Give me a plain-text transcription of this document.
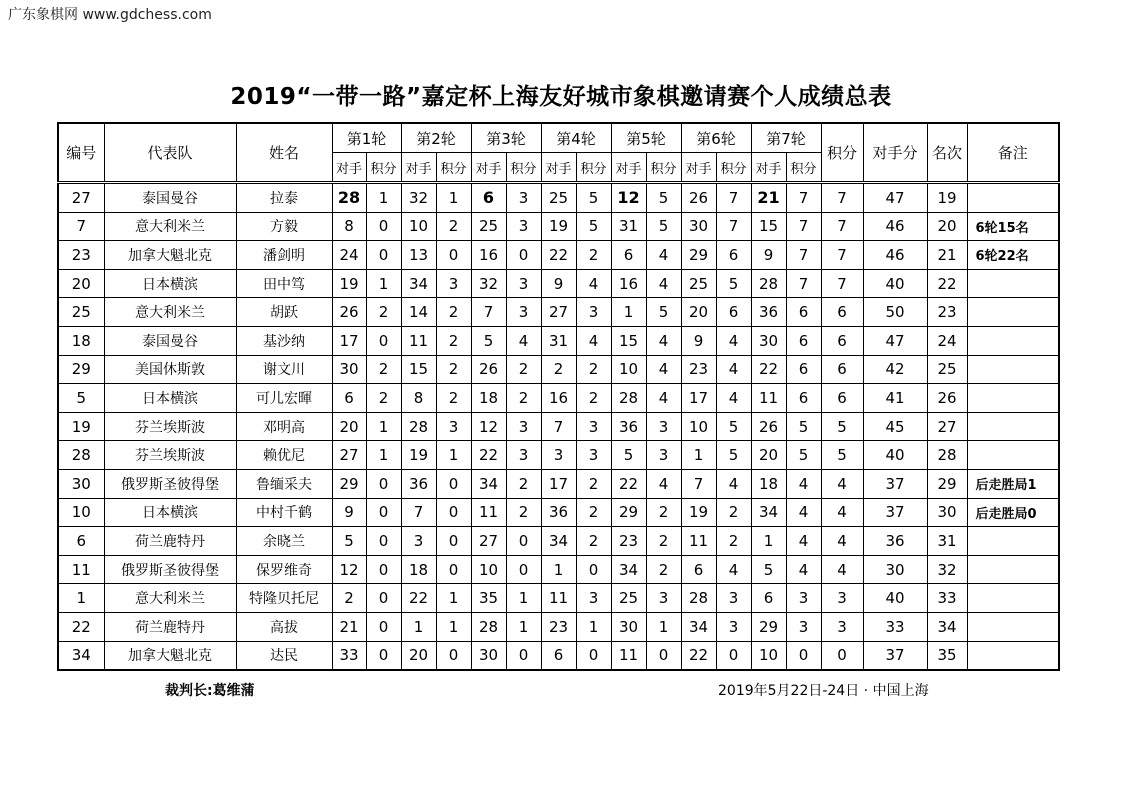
广东象棋网 www.gdchess.com
2019“一带一路”嘉定杯上海友好城市象棋邀请赛个人成绩总表
编号	代表队	姓名	第1轮		第2轮		第3轮		第4轮		第5轮		第6轮		第7轮		积分	对手分	名次	备注
			对手	积分	对手	积分	对手	积分	对手	积分	对手	积分	对手	积分	对手	积分				
27	泰国曼谷	拉泰	28	1	32	1	6	3	25	5	12	5	26	7	21	7	7	47	19	
7	意大利米兰	方毅	8	0	10	2	25	3	19	5	31	5	30	7	15	7	7	46	20	6轮15名
23	加拿大魁北克	潘剑明	24	0	13	0	16	0	22	2	6	4	29	6	9	7	7	46	21	6轮22名
20	日本横滨	田中笃	19	1	34	3	32	3	9	4	16	4	25	5	28	7	7	40	22	
25	意大利米兰	胡跃	26	2	14	2	7	3	27	3	1	5	20	6	36	6	6	50	23	
18	泰国曼谷	基沙纳	17	0	11	2	5	4	31	4	15	4	9	4	30	6	6	47	24	
29	美国休斯敦	谢文川	30	2	15	2	26	2	2	2	10	4	23	4	22	6	6	42	25	
5	日本横滨	可儿宏暉	6	2	8	2	18	2	16	2	28	4	17	4	11	6	6	41	26	
19	芬兰埃斯波	邓明高	20	1	28	3	12	3	7	3	36	3	10	5	26	5	5	45	27	
28	芬兰埃斯波	赖优尼	27	1	19	1	22	3	3	3	5	3	1	5	20	5	5	40	28	
30	俄罗斯圣彼得堡	鲁缅采夫	29	0	36	0	34	2	17	2	22	4	7	4	18	4	4	37	29	后走胜局1
10	日本横滨	中村千鹤	9	0	7	0	11	2	36	2	29	2	19	2	34	4	4	37	30	后走胜局0
6	荷兰鹿特丹	余晓兰	5	0	3	0	27	0	34	2	23	2	11	2	1	4	4	36	31	
11	俄罗斯圣彼得堡	保罗维奇	12	0	18	0	10	0	1	0	34	2	6	4	5	4	4	30	32	
1	意大利米兰	特隆贝托尼	2	0	22	1	35	1	11	3	25	3	28	3	6	3	3	40	33	
22	荷兰鹿特丹	高拔	21	0	1	1	28	1	23	1	30	1	34	3	29	3	3	33	34	
34	加拿大魁北克	达民	33	0	20	0	30	0	6	0	11	0	22	0	10	0	0	37	35	
裁判长:葛维蒲	2019年5月22日-24日 · 中国上海
